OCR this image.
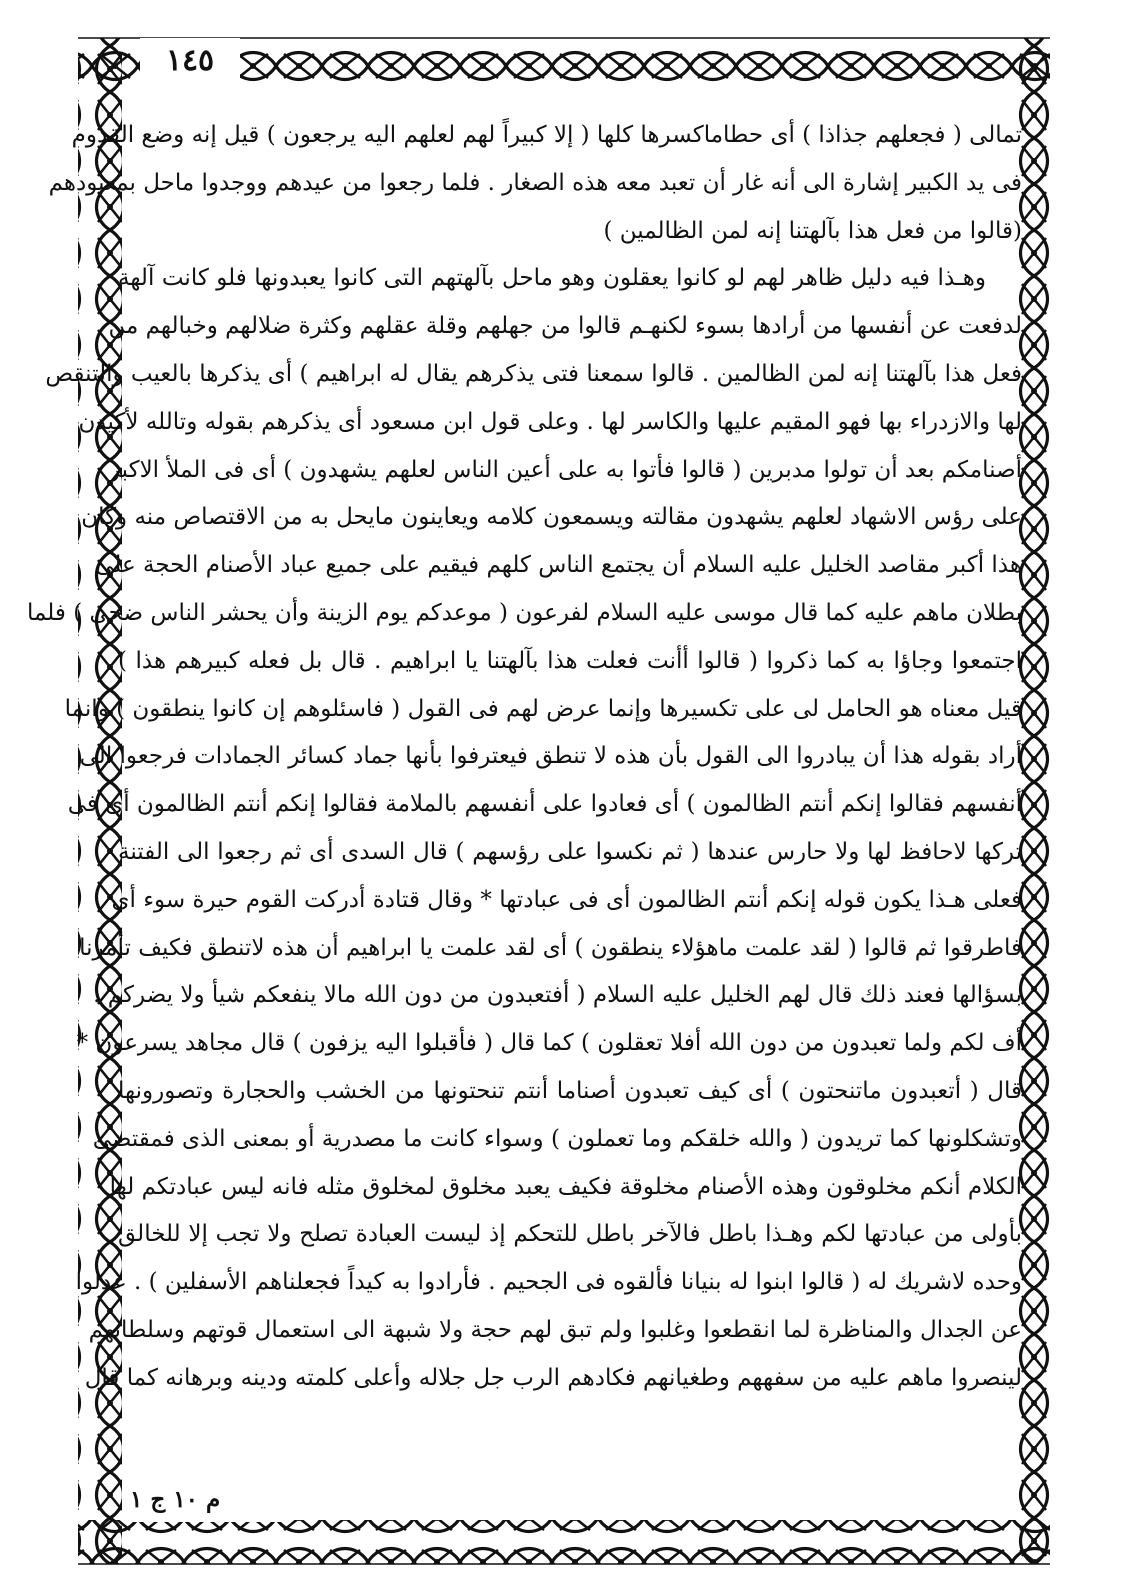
١٤٥
تمالى ( فجعلهم جذاذا ) أى حطاماكسرها كلها ( إلا كبيراً لهم لعلهم اليه يرجعون ) قيل إنه وضع القدوم
فى يد الكبير إشارة الى أنه غار أن تعبد معه هذه الصغار . فلما رجعوا من عيدهم ووجدوا ماحل بمعبودهم
(قالوا من فعل هذا بآلهتنا إنه لمن الظالمين )
وهـذا فيه دليل ظاهر لهم لو كانوا يعقلون وهو ماحل بآلهتهم التى كانوا يعبدونها فلو كانت آلهة
لدفعت عن أنفسها من أرادها بسوء لكنهـم قالوا من جهلهم وقلة عقلهم وكثرة ضلالهم وخبالهم من
فعل هذا بآلهتنا إنه لمن الظالمين . قالوا سمعنا فتى يذكرهم يقال له ابراهيم ) أى يذكرها بالعيب والتنقص
لها والازدراء بها فهو المقيم عليها والكاسر لها . وعلى قول ابن مسعود أى يذكرهم بقوله وتالله لأكيدن
أصنامكم بعد أن تولوا مدبرين ( قالوا فأتوا به على أعين الناس لعلهم يشهدون ) أى فى الملأ الاكبر
على رؤس الاشهاد لعلهم يشهدون مقالته ويسمعون كلامه ويعاينون مايحل به من الاقتصاص منه وكان
هذا أكبر مقاصد الخليل عليه السلام أن يجتمع الناس كلهم فيقيم على جميع عباد الأصنام الحجة على
بطلان ماهم عليه كما قال موسى عليه السلام لفرعون ( موعدكم يوم الزينة وأن يحشر الناس ضحى ) فلما
اجتمعوا وجاؤا به كما ذكروا ( قالوا أأنت فعلت هذا بآلهتنا يا ابراهيم . قال بل فعله كبيرهم هذا )
قيل معناه هو الحامل لى على تكسيرها وإنما عرض لهم فى القول ( فاسئلوهم إن كانوا ينطقون ) وانما
أراد بقوله هذا أن يبادروا الى القول بأن هذه لا تنطق فيعترفوا بأنها جماد كسائر الجمادات فرجعوا الى
أنفسهم فقالوا إنكم أنتم الظالمون ) أى فعادوا على أنفسهم بالملامة فقالوا إنكم أنتم الظالمون أى فى
تركها لاحافظ لها ولا حارس عندها ( ثم نكسوا على رؤسهم ) قال السدى أى ثم رجعوا الى الفتنة
فعلى هـذا يكون قوله إنكم أنتم الظالمون أى فى عبادتها * وقال قتادة أدركت القوم حيرة سوء أى
فاطرقوا ثم قالوا ( لقد علمت ماهؤلاء ينطقون ) أى لقد علمت يا ابراهيم أن هذه لاتنطق فكيف تأمرنا
بسؤالها فعند ذلك قال لهم الخليل عليه السلام ( أفتعبدون من دون الله مالا ينفعكم شيأ ولا يضركم .
أف لكم ولما تعبدون من دون الله أفلا تعقلون ) كما قال ( فأقبلوا اليه يزفون ) قال مجاهد يسرعون *
قال ( أتعبدون ماتنحتون ) أى كيف تعبدون أصناما أنتم تنحتونها من الخشب والحجارة وتصورونها
وتشكلونها كما تريدون ( والله خلقكم وما تعملون ) وسواء كانت ما مصدرية أو بمعنى الذى فمقتضى
الكلام أنكم مخلوقون وهذه الأصنام مخلوقة فكيف يعبد مخلوق لمخلوق مثله فانه ليس عبادتكم لها
بأولى من عبادتها لكم وهـذا باطل فالآخر باطل للتحكم إذ ليست العبادة تصلح ولا تجب إلا للخالق
وحده لاشريك له ( قالوا ابنوا له بنيانا فألقوه فى الجحيم . فأرادوا به كيداً فجعلناهم الأسفلين ) . عدلوا
عن الجدال والمناظرة لما انقطعوا وغلبوا ولم تبق لهم حجة ولا شبهة الى استعمال قوتهم وسلطانهم
لينصروا ماهم عليه من سفههم وطغيانهم فكادهم الرب جل جلاله وأعلى كلمته ودينه وبرهانه كما قال
م ١٠ ج ١
